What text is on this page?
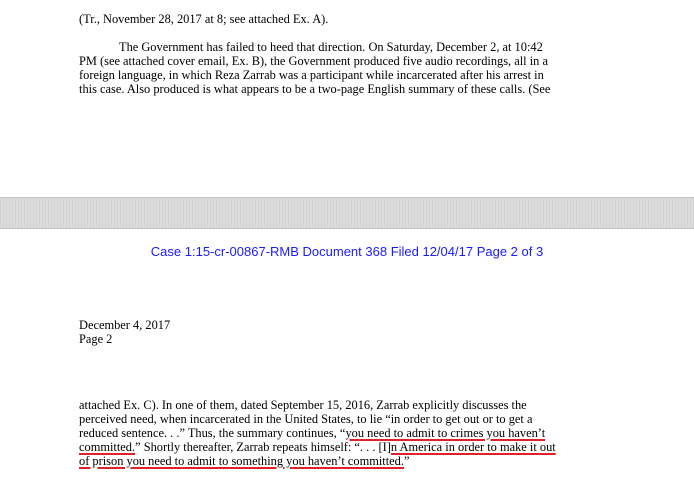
(Tr., November 28, 2017 at 8; see attached Ex. A).
The Government has failed to heed that direction. On Saturday, December 2, at 10:42
PM (see attached cover email, Ex. B), the Government produced five audio recordings, all in a
foreign language, in which Reza Zarrab was a participant while incarcerated after his arrest in
this case. Also produced is what appears to be a two-page English summary of these calls. (See
Case 1:15-cr-00867-RMB Document 368 Filed 12/04/17 Page 2 of 3
December 4, 2017
Page 2
attached Ex. C). In one of them, dated September 15, 2016, Zarrab explicitly discusses the
perceived need, when incarcerated in the United States, to lie “in order to get out or to get a
reduced sentence. . .” Thus, the summary continues, “you need to admit to crimes you haven’t
committed.” Shortly thereafter, Zarrab repeats himself: “. . . [I]n America in order to make it out
of prison you need to admit to something you haven’t committed.”
